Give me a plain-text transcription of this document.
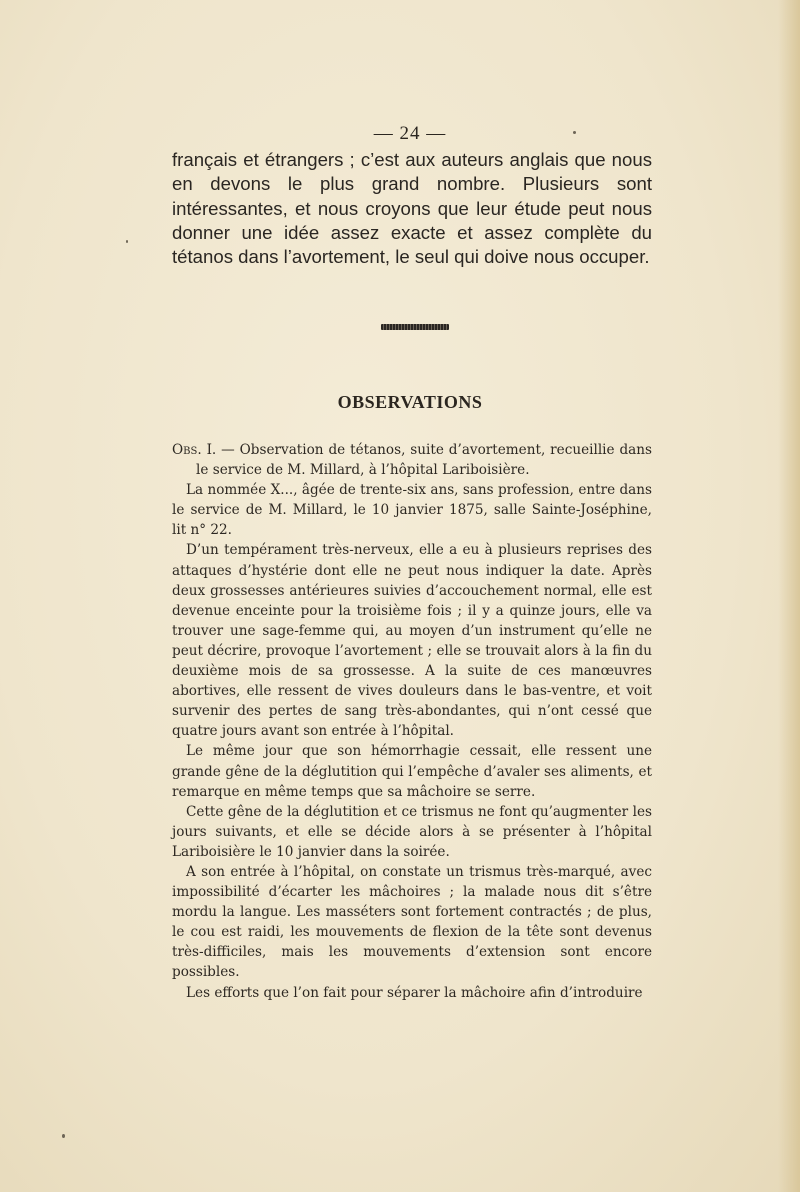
— 24 —

français et étrangers ; c’est aux auteurs anglais que nous en devons le plus grand nombre. Plusieurs sont intéressantes, et nous croyons que leur étude peut nous donner une idée assez exacte et assez complète du tétanos dans l’avortement, le seul qui doive nous occuper.

OBSERVATIONS

Obs. I. — Observation de tétanos, suite d’avortement, recueillie dans le service de M. Millard, à l’hôpital Lariboisière.

La nommée X..., âgée de trente-six ans, sans profession, entre dans le service de M. Millard, le 10 janvier 1875, salle Sainte-Joséphine, lit n° 22.

D’un tempérament très-nerveux, elle a eu à plusieurs reprises des attaques d’hystérie dont elle ne peut nous indiquer la date. Après deux grossesses antérieures suivies d’accouchement normal, elle est devenue enceinte pour la troisième fois ; il y a quinze jours, elle va trouver une sage-femme qui, au moyen d’un instrument qu’elle ne peut décrire, provoque l’avortement ; elle se trouvait alors à la fin du deuxième mois de sa grossesse. A la suite de ces manœuvres abortives, elle ressent de vives douleurs dans le bas-ventre, et voit survenir des pertes de sang très-abondantes, qui n’ont cessé que quatre jours avant son entrée à l’hôpital.

Le même jour que son hémorrhagie cessait, elle ressent une grande gêne de la déglutition qui l’empêche d’avaler ses aliments, et remarque en même temps que sa mâchoire se serre.

Cette gêne de la déglutition et ce trismus ne font qu’augmenter les jours suivants, et elle se décide alors à se présenter à l’hôpital Lariboisière le 10 janvier dans la soirée.

A son entrée à l’hôpital, on constate un trismus très-marqué, avec impossibilité d’écarter les mâchoires ; la malade nous dit s’être mordu la langue. Les masséters sont fortement contractés ; de plus, le cou est raidi, les mouvements de flexion de la tête sont devenus très-difficiles, mais les mouvements d’extension sont encore possibles.

Les efforts que l’on fait pour séparer la mâchoire afin d’introduire
